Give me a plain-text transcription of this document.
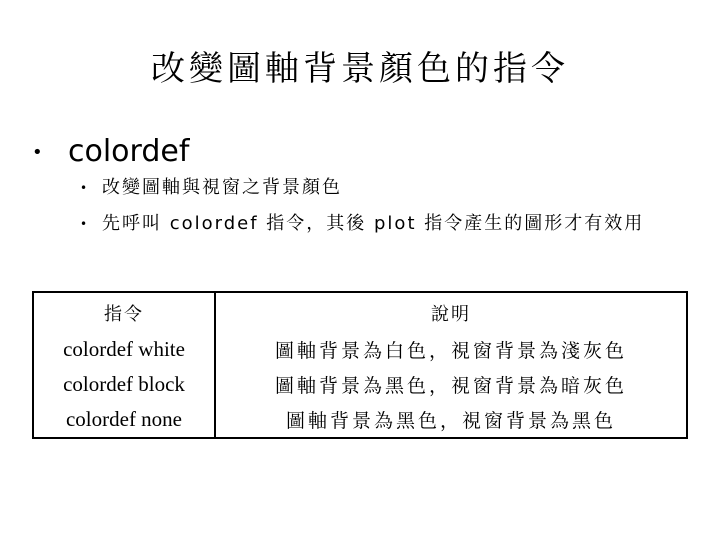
改變圖軸背景顏色的指令
• colordef
• 改變圖軸與視窗之背景顏色
• 先呼叫 colordef 指令，其後 plot 指令產生的圖形才有效用
指令	說明
colordef white	圖軸背景為白色，視窗背景為淺灰色
colordef block	圖軸背景為黑色，視窗背景為暗灰色
colordef none	圖軸背景為黑色，視窗背景為黑色
